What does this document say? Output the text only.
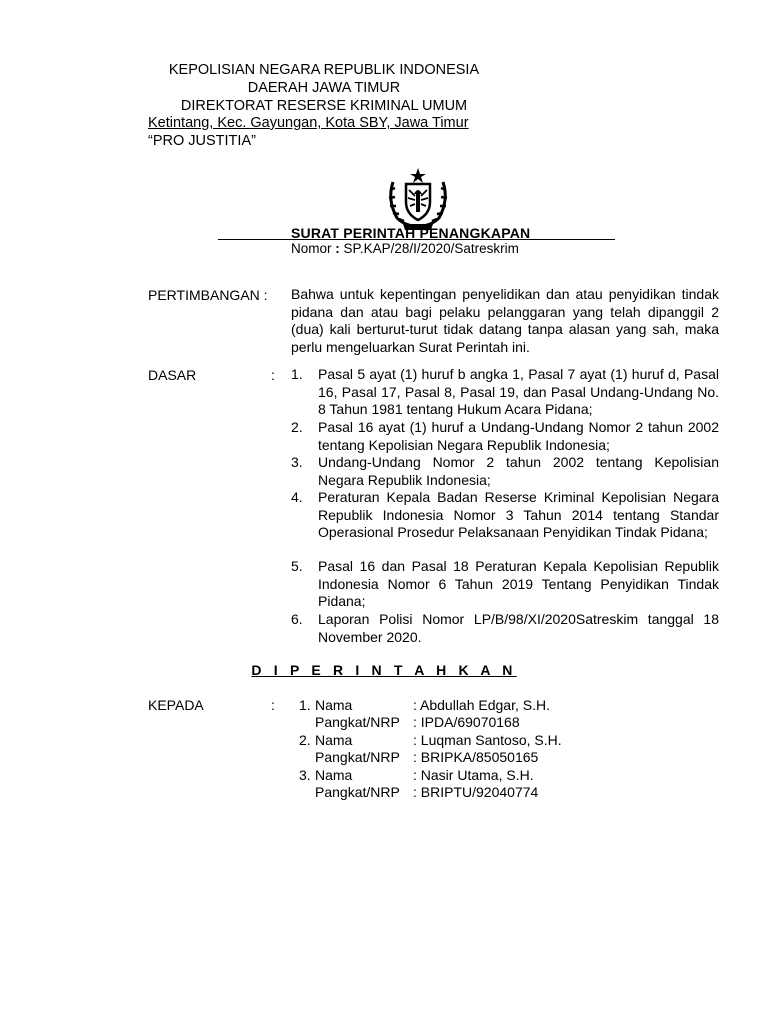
KEPOLISIAN NEGARA REPUBLIK INDONESIA
DAERAH JAWA TIMUR
DIREKTORAT RESERSE KRIMINAL UMUM
Ketintang, Kec. Gayungan, Kota SBY, Jawa Timur
“PRO JUSTITIA”
SURAT PERINTAH PENANGKAPAN
Nomor : SP.KAP/28/I/2020/Satreskrim
PERTIMBANGAN : Bahwa untuk kepentingan penyelidikan dan atau penyidikan tindak pidana dan atau bagi pelaku pelanggaran yang telah dipanggil 2 (dua) kali berturut-turut tidak datang tanpa alasan yang sah, maka perlu mengeluarkan Surat Perintah ini.
DASAR	: 1.	Pasal 5 ayat (1) huruf b angka 1, Pasal 7 ayat (1) huruf d, Pasal 16, Pasal 17, Pasal 8, Pasal 19, dan Pasal Undang-Undang No. 8 Tahun 1981 tentang Hukum Acara Pidana;
2.	Pasal 16 ayat (1) huruf a Undang-Undang Nomor 2 tahun 2002 tentang Kepolisian Negara Republik Indonesia;
3.	Undang-Undang Nomor 2 tahun 2002 tentang Kepolisian Negara Republik Indonesia;
4.	Peraturan Kepala Badan Reserse Kriminal Kepolisian Negara Republik Indonesia Nomor 3 Tahun 2014 tentang Standar Operasional Prosedur Pelaksanaan Penyidikan Tindak Pidana;
5.	Pasal 16 dan Pasal 18 Peraturan Kepala Kepolisian Republik Indonesia Nomor 6 Tahun 2019 Tentang Penyidikan Tindak Pidana;
6.	Laporan Polisi Nomor LP/B/98/XI/2020Satreskim tanggal 18 November 2020.
D I P E R I N T A H K A N
KEPADA	: 1. Nama	: Abdullah Edgar, S.H.
Pangkat/NRP : IPDA/69070168
2. Nama	: Luqman Santoso, S.H.
Pangkat/NRP : BRIPKA/85050165
3. Nama	: Nasir Utama, S.H.
Pangkat/NRP : BRIPTU/92040774
